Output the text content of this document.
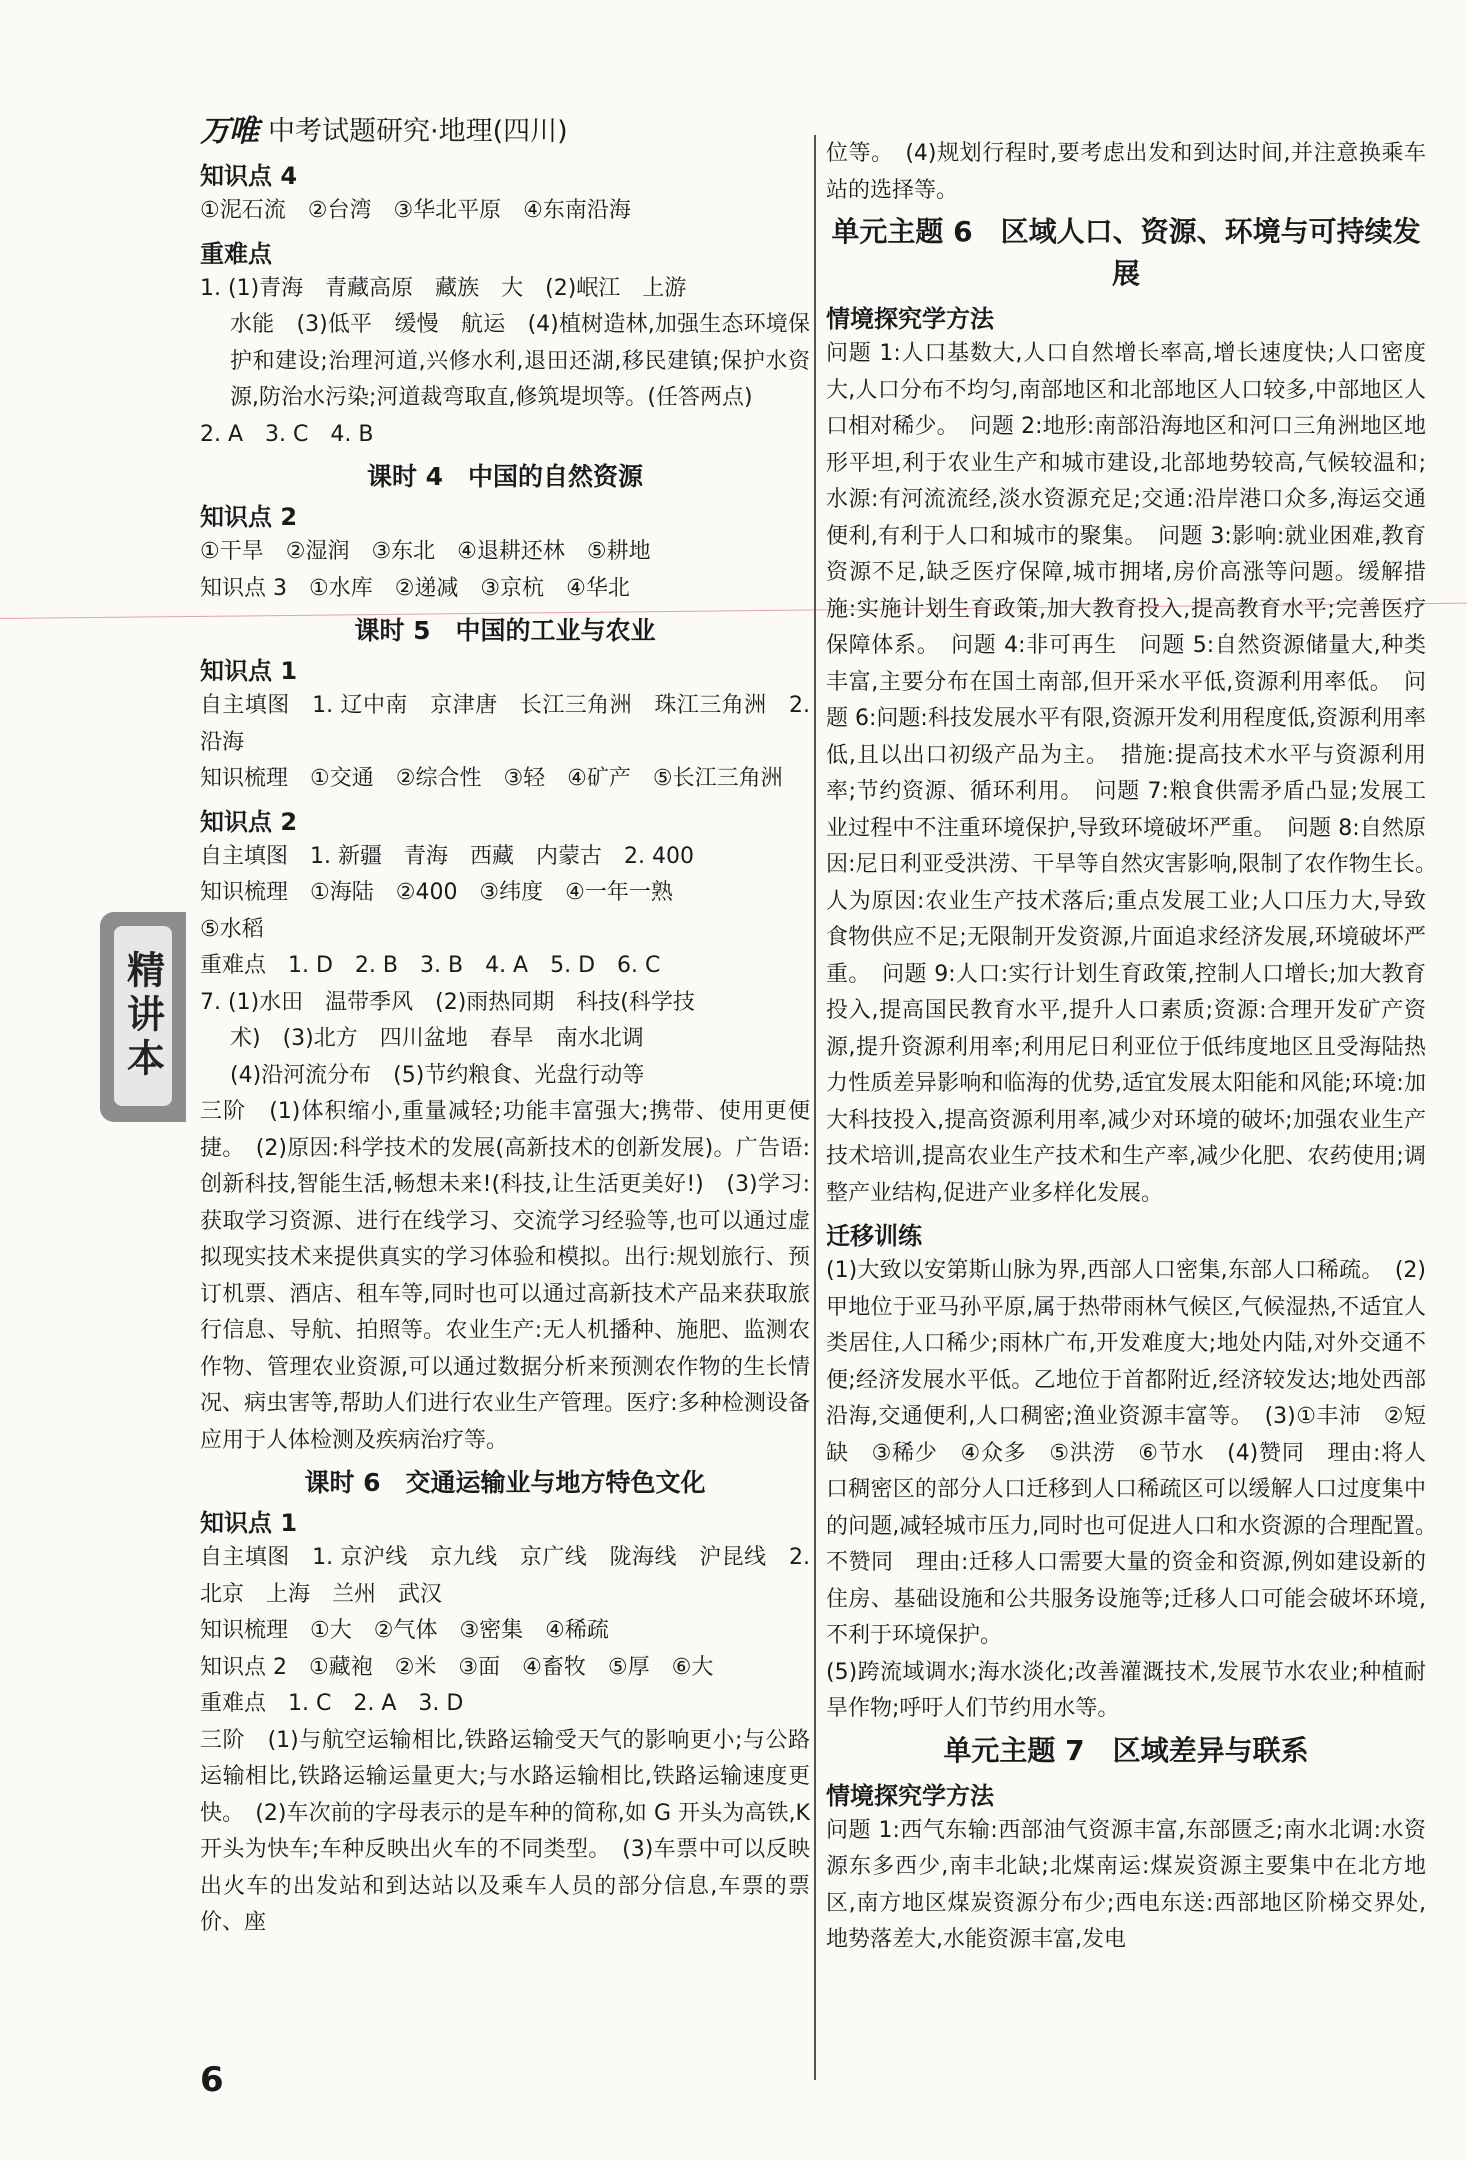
万唯 中考试题研究·地理(四川)
精讲本
知识点 4
①泥石流　②台湾　③华北平原　④东南沿海
重难点
1. (1)青海　青藏高原　藏族　大　(2)岷江　上游
水能　(3)低平　缓慢　航运　(4)植树造林,加强生态环境保护和建设;治理河道,兴修水利,退田还湖,移民建镇;保护水资源,防治水污染;河道裁弯取直,修筑堤坝等。(任答两点)
2. A　3. C　4. B
课时 4　中国的自然资源
知识点 2
①干旱　②湿润　③东北　④退耕还林　⑤耕地
知识点 3　①水库　②递减　③京杭　④华北
课时 5　中国的工业与农业
知识点 1
自主填图　1. 辽中南　京津唐　长江三角洲　珠江三角洲　2. 沿海
知识梳理　①交通　②综合性　③轻　④矿产　⑤长江三角洲
知识点 2
自主填图　1. 新疆　青海　西藏　内蒙古　2. 400
知识梳理　①海陆　②400　③纬度　④一年一熟
⑤水稻
重难点　1. D　2. B　3. B　4. A　5. D　6. C
7. (1)水田　温带季风　(2)雨热同期　科技(科学技
术)　(3)北方　四川盆地　春旱　南水北调
(4)沿河流分布　(5)节约粮食、光盘行动等
三阶　(1)体积缩小,重量减轻;功能丰富强大;携带、使用更便捷。　(2)原因:科学技术的发展(高新技术的创新发展)。广告语:创新科技,智能生活,畅想未来!(科技,让生活更美好!)　(3)学习:获取学习资源、进行在线学习、交流学习经验等,也可以通过虚拟现实技术来提供真实的学习体验和模拟。出行:规划旅行、预订机票、酒店、租车等,同时也可以通过高新技术产品来获取旅行信息、导航、拍照等。农业生产:无人机播种、施肥、监测农作物、管理农业资源,可以通过数据分析来预测农作物的生长情况、病虫害等,帮助人们进行农业生产管理。医疗:多种检测设备应用于人体检测及疾病治疗等。
课时 6　交通运输业与地方特色文化
知识点 1
自主填图　1. 京沪线　京九线　京广线　陇海线　沪昆线　2. 北京　上海　兰州　武汉
知识梳理　①大　②气体　③密集　④稀疏
知识点 2　①藏袍　②米　③面　④畜牧　⑤厚　⑥大
重难点　1. C　2. A　3. D
三阶　(1)与航空运输相比,铁路运输受天气的影响更小;与公路运输相比,铁路运输运量更大;与水路运输相比,铁路运输速度更快。　(2)车次前的字母表示的是车种的简称,如 G 开头为高铁,K 开头为快车;车种反映出火车的不同类型。　(3)车票中可以反映出火车的出发站和到达站以及乘车人员的部分信息,车票的票价、座
位等。　(4)规划行程时,要考虑出发和到达时间,并注意换乘车站的选择等。
单元主题 6　区域人口、资源、环境与可持续发展
情境探究学方法
问题 1:人口基数大,人口自然增长率高,增长速度快;人口密度大,人口分布不均匀,南部地区和北部地区人口较多,中部地区人口相对稀少。　问题 2:地形:南部沿海地区和河口三角洲地区地形平坦,利于农业生产和城市建设,北部地势较高,气候较温和;水源:有河流流经,淡水资源充足;交通:沿岸港口众多,海运交通便利,有利于人口和城市的聚集。　问题 3:影响:就业困难,教育资源不足,缺乏医疗保障,城市拥堵,房价高涨等问题。缓解措施:实施计划生育政策,加大教育投入,提高教育水平;完善医疗保障体系。　问题 4:非可再生　问题 5:自然资源储量大,种类丰富,主要分布在国土南部,但开采水平低,资源利用率低。　问题 6:问题:科技发展水平有限,资源开发利用程度低,资源利用率低,且以出口初级产品为主。　措施:提高技术水平与资源利用率;节约资源、循环利用。　问题 7:粮食供需矛盾凸显;发展工业过程中不注重环境保护,导致环境破坏严重。　问题 8:自然原因:尼日利亚受洪涝、干旱等自然灾害影响,限制了农作物生长。　人为原因:农业生产技术落后;重点发展工业;人口压力大,导致食物供应不足;无限制开发资源,片面追求经济发展,环境破坏严重。　问题 9:人口:实行计划生育政策,控制人口增长;加大教育投入,提高国民教育水平,提升人口素质;资源:合理开发矿产资源,提升资源利用率;利用尼日利亚位于低纬度地区且受海陆热力性质差异影响和临海的优势,适宜发展太阳能和风能;环境:加大科技投入,提高资源利用率,减少对环境的破坏;加强农业生产技术培训,提高农业生产技术和生产率,减少化肥、农药使用;调整产业结构,促进产业多样化发展。
迁移训练
(1)大致以安第斯山脉为界,西部人口密集,东部人口稀疏。　(2)甲地位于亚马孙平原,属于热带雨林气候区,气候湿热,不适宜人类居住,人口稀少;雨林广布,开发难度大;地处内陆,对外交通不便;经济发展水平低。乙地位于首都附近,经济较发达;地处西部沿海,交通便利,人口稠密;渔业资源丰富等。　(3)①丰沛　②短缺　③稀少　④众多　⑤洪涝　⑥节水　(4)赞同　理由:将人口稠密区的部分人口迁移到人口稀疏区可以缓解人口过度集中的问题,减轻城市压力,同时也可促进人口和水资源的合理配置。　不赞同　理由:迁移人口需要大量的资金和资源,例如建设新的住房、基础设施和公共服务设施等;迁移人口可能会破坏环境,不利于环境保护。
(5)跨流域调水;海水淡化;改善灌溉技术,发展节水农业;种植耐旱作物;呼吁人们节约用水等。
单元主题 7　区域差异与联系
情境探究学方法
问题 1:西气东输:西部油气资源丰富,东部匮乏;南水北调:水资源东多西少,南丰北缺;北煤南运:煤炭资源主要集中在北方地区,南方地区煤炭资源分布少;西电东送:西部地区阶梯交界处,地势落差大,水能资源丰富,发电
6
